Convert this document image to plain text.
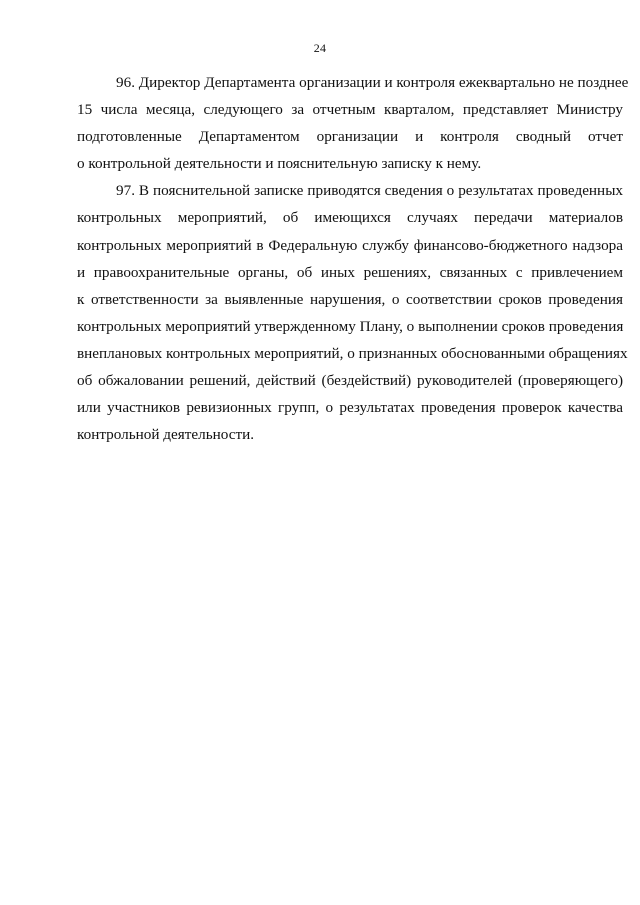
24

96. Директор Департамента организации и контроля ежеквартально не позднее
15 числа месяца, следующего за отчетным кварталом, представляет Министру
подготовленные Департаментом организации и контроля сводный отчет
о контрольной деятельности и пояснительную записку к нему.

97. В пояснительной записке приводятся сведения о результатах проведенных
контрольных мероприятий, об имеющихся случаях передачи материалов
контрольных мероприятий в Федеральную службу финансово-бюджетного надзора
и правоохранительные органы, об иных решениях, связанных с привлечением
к ответственности за выявленные нарушения, о соответствии сроков проведения
контрольных мероприятий утвержденному Плану, о выполнении сроков проведения
внеплановых контрольных мероприятий, о признанных обоснованными обращениях
об обжаловании решений, действий (бездействий) руководителей (проверяющего)
или участников ревизионных групп, о результатах проведения проверок качества
контрольной деятельности.
